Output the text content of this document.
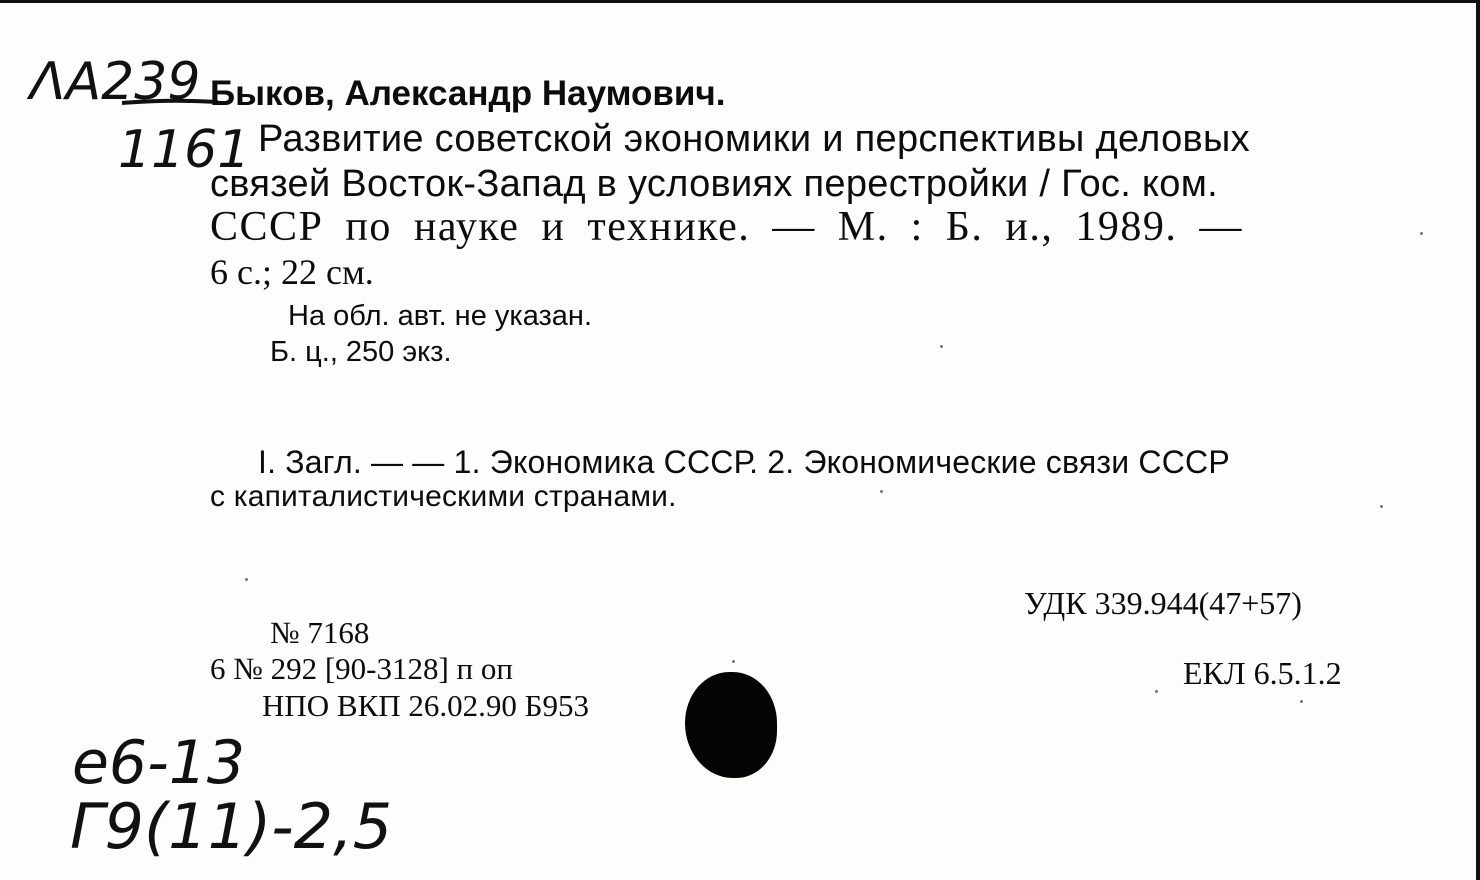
ΛΑ239
1161

Быков, Александр Наумович.

Развитие советской экономики и перспективы деловых

связей Восток-Запад в условиях перестройки / Гос. ком.

СССР по науке и технике. — М. : Б. и., 1989. —

6 с.; 22 см.

На обл. авт. не указан.

Б. ц., 250 экз.

I. Загл. — — 1. Экономика СССР. 2. Экономические связи СССР

с капиталистическими странами.

УДК 339.944(47+57)

ЕКЛ 6.5.1.2

№ 7168

6 № 292 [90-3128] п оп

НПО ВКП 26.02.90 Б953

e6-13
Г9(11)-2,5
